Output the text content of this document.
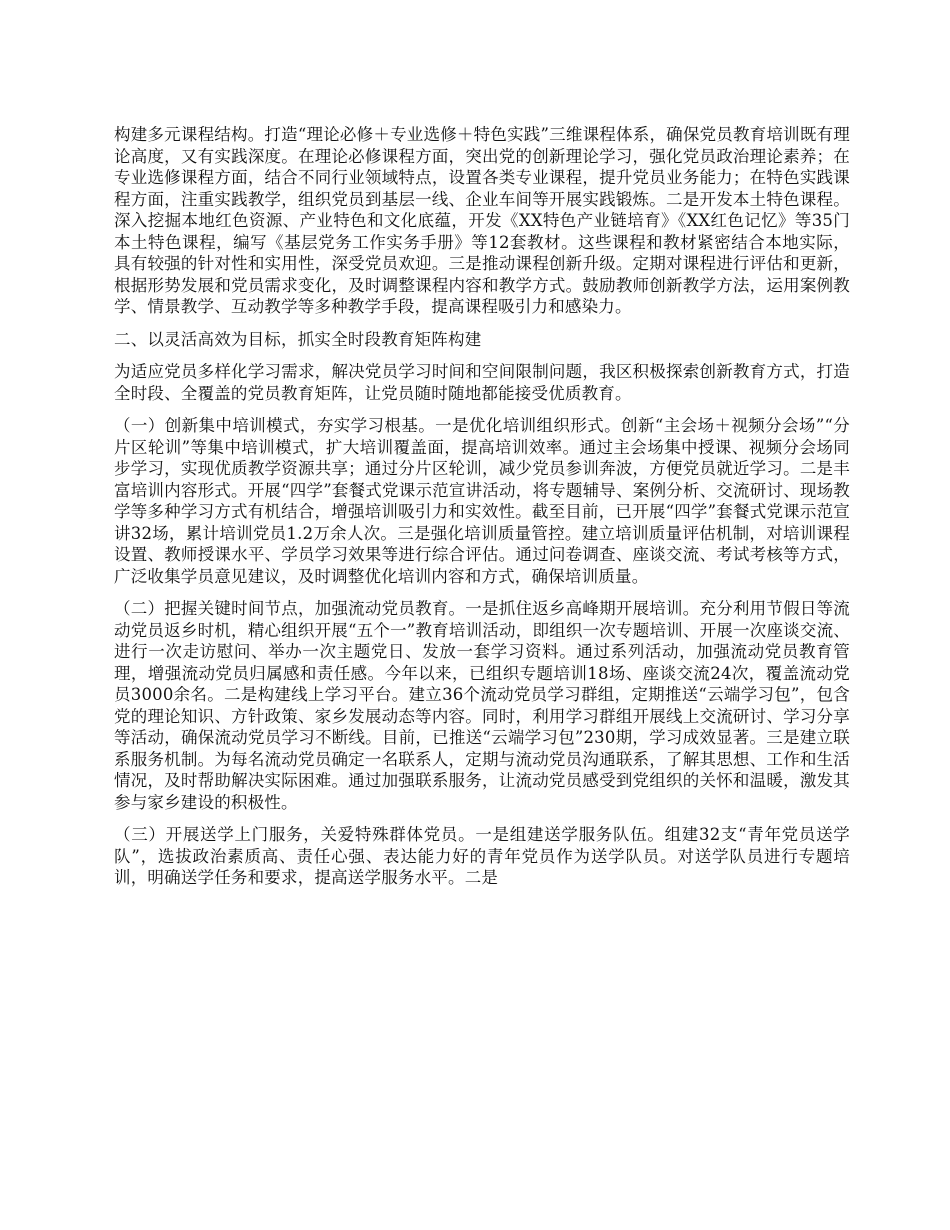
构建多元课程结构。打造“理论必修＋专业选修＋特色实践”三维课程体系，确保党员教育培训既有理论高度，又有实践深度。在理论必修课程方面，突出党的创新理论学习，强化党员政治理论素养；在专业选修课程方面，结合不同行业领域特点，设置各类专业课程，提升党员业务能力；在特色实践课程方面，注重实践教学，组织党员到基层一线、企业车间等开展实践锻炼。二是开发本土特色课程。深入挖掘本地红色资源、产业特色和文化底蕴，开发《XX特色产业链培育》《XX红色记忆》等35门本土特色课程，编写《基层党务工作实务手册》等12套教材。这些课程和教材紧密结合本地实际，具有较强的针对性和实用性，深受党员欢迎。三是推动课程创新升级。定期对课程进行评估和更新，根据形势发展和党员需求变化，及时调整课程内容和教学方式。鼓励教师创新教学方法，运用案例教学、情景教学、互动教学等多种教学手段，提高课程吸引力和感染力。

二、以灵活高效为目标，抓实全时段教育矩阵构建

为适应党员多样化学习需求，解决党员学习时间和空间限制问题，我区积极探索创新教育方式，打造全时段、全覆盖的党员教育矩阵，让党员随时随地都能接受优质教育。

（一）创新集中培训模式，夯实学习根基。一是优化培训组织形式。创新“主会场＋视频分会场”“分片区轮训”等集中培训模式，扩大培训覆盖面，提高培训效率。通过主会场集中授课、视频分会场同步学习，实现优质教学资源共享；通过分片区轮训，减少党员参训奔波，方便党员就近学习。二是丰富培训内容形式。开展“四学”套餐式党课示范宣讲活动，将专题辅导、案例分析、交流研讨、现场教学等多种学习方式有机结合，增强培训吸引力和实效性。截至目前，已开展“四学”套餐式党课示范宣讲32场，累计培训党员1.2万余人次。三是强化培训质量管控。建立培训质量评估机制，对培训课程设置、教师授课水平、学员学习效果等进行综合评估。通过问卷调查、座谈交流、考试考核等方式，广泛收集学员意见建议，及时调整优化培训内容和方式，确保培训质量。

（二）把握关键时间节点，加强流动党员教育。一是抓住返乡高峰期开展培训。充分利用节假日等流动党员返乡时机，精心组织开展“五个一”教育培训活动，即组织一次专题培训、开展一次座谈交流、进行一次走访慰问、举办一次主题党日、发放一套学习资料。通过系列活动，加强流动党员教育管理，增强流动党员归属感和责任感。今年以来，已组织专题培训18场、座谈交流24次，覆盖流动党员3000余名。二是构建线上学习平台。建立36个流动党员学习群组，定期推送“云端学习包”，包含党的理论知识、方针政策、家乡发展动态等内容。同时，利用学习群组开展线上交流研讨、学习分享等活动，确保流动党员学习不断线。目前，已推送“云端学习包”230期，学习成效显著。三是建立联系服务机制。为每名流动党员确定一名联系人，定期与流动党员沟通联系，了解其思想、工作和生活情况，及时帮助解决实际困难。通过加强联系服务，让流动党员感受到党组织的关怀和温暖，激发其参与家乡建设的积极性。

（三）开展送学上门服务，关爱特殊群体党员。一是组建送学服务队伍。组建32支“青年党员送学队”，选拔政治素质高、责任心强、表达能力好的青年党员作为送学队员。对送学队员进行专题培训，明确送学任务和要求，提高送学服务水平。二是
